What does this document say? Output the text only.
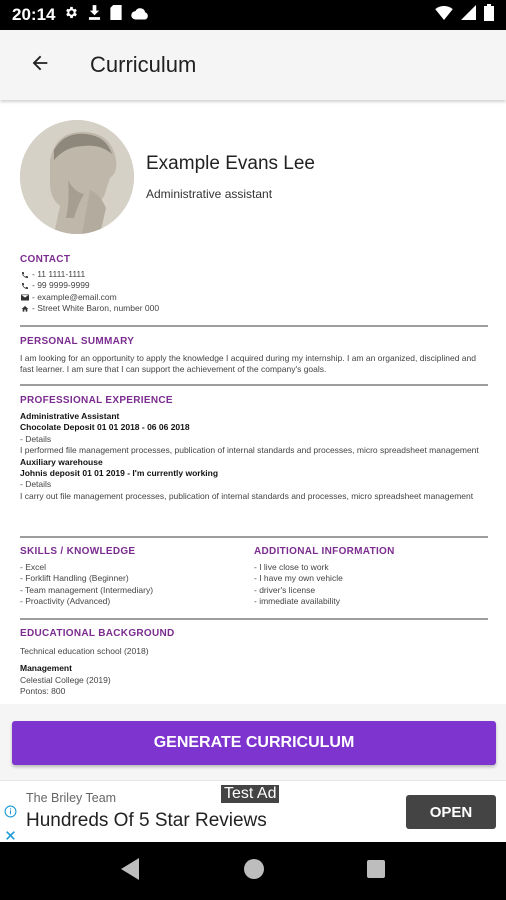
20:14
Curriculum
Example Evans Lee
Administrative assistant
CONTACT
- 11 1111-1111
- 99 9999-9999
- example@email.com
- Street White Baron, number 000
PERSONAL SUMMARY
I am looking for an opportunity to apply the knowledge I acquired during my internship. I am an organized, disciplined and fast learner. I am sure that I can support the achievement of the company's goals.
PROFESSIONAL EXPERIENCE
Administrative Assistant
Chocolate Deposit 01 01 2018 - 06 06 2018
- Details
I performed file management processes, publication of internal standards and processes, micro spreadsheet management
Auxiliary warehouse
Johnis deposit 01 01 2019 - I'm currently working
- Details
I carry out file management processes, publication of internal standards and processes, micro spreadsheet management
SKILLS / KNOWLEDGE
- Excel
- Forklift Handling (Beginner)
- Team management (Intermediary)
- Proactivity (Advanced)
ADDITIONAL INFORMATION
- I live close to work
- I have my own vehicle
- driver's license
- immediate availability
EDUCATIONAL BACKGROUND
Technical education school (2018)
Management
Celestial College (2019)
Pontos: 800
GENERATE CURRICULUM
The Briley Team	Test Ad
Hundreds Of 5 Star Reviews	OPEN
